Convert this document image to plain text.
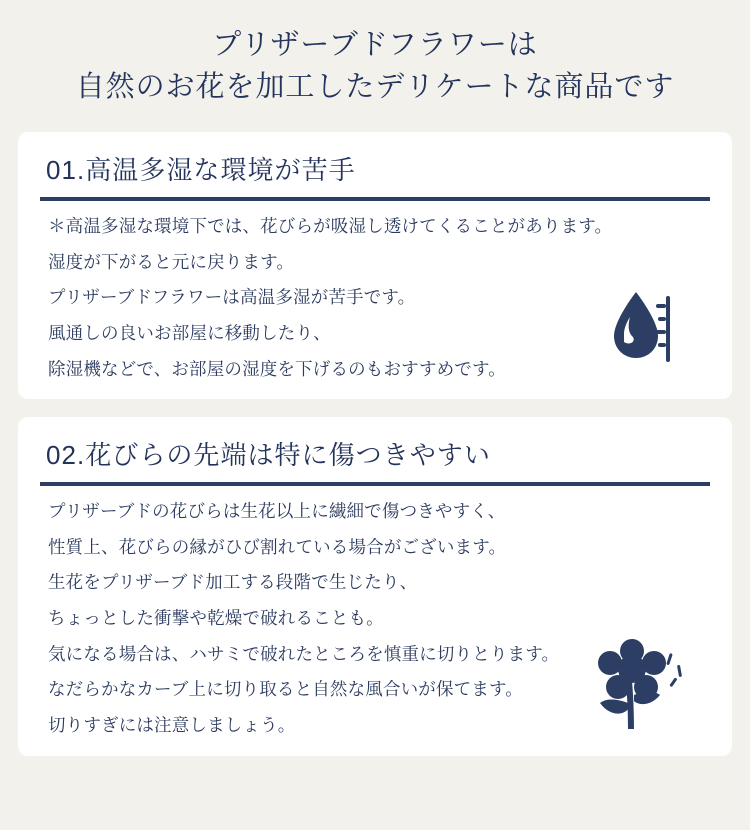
プリザーブドフラワーは
自然のお花を加工したデリケートな商品です
01.高温多湿な環境が苦手

＊高温多湿な環境下では、花びらが吸湿し透けてくることがあります。

湿度が下がると元に戻ります。

プリザーブドフラワーは高温多湿が苦手です。

風通しの良いお部屋に移動したり、

除湿機などで、お部屋の湿度を下げるのもおすすめです。

02.花びらの先端は特に傷つきやすい

プリザーブドの花びらは生花以上に繊細で傷つきやすく、

性質上、花びらの縁がひび割れている場合がございます。

生花をプリザーブド加工する段階で生じたり、

ちょっとした衝撃や乾燥で破れることも。

気になる場合は、ハサミで破れたところを慎重に切りとります。

なだらかなカーブ上に切り取ると自然な風合いが保てます。

切りすぎには注意しましょう。
